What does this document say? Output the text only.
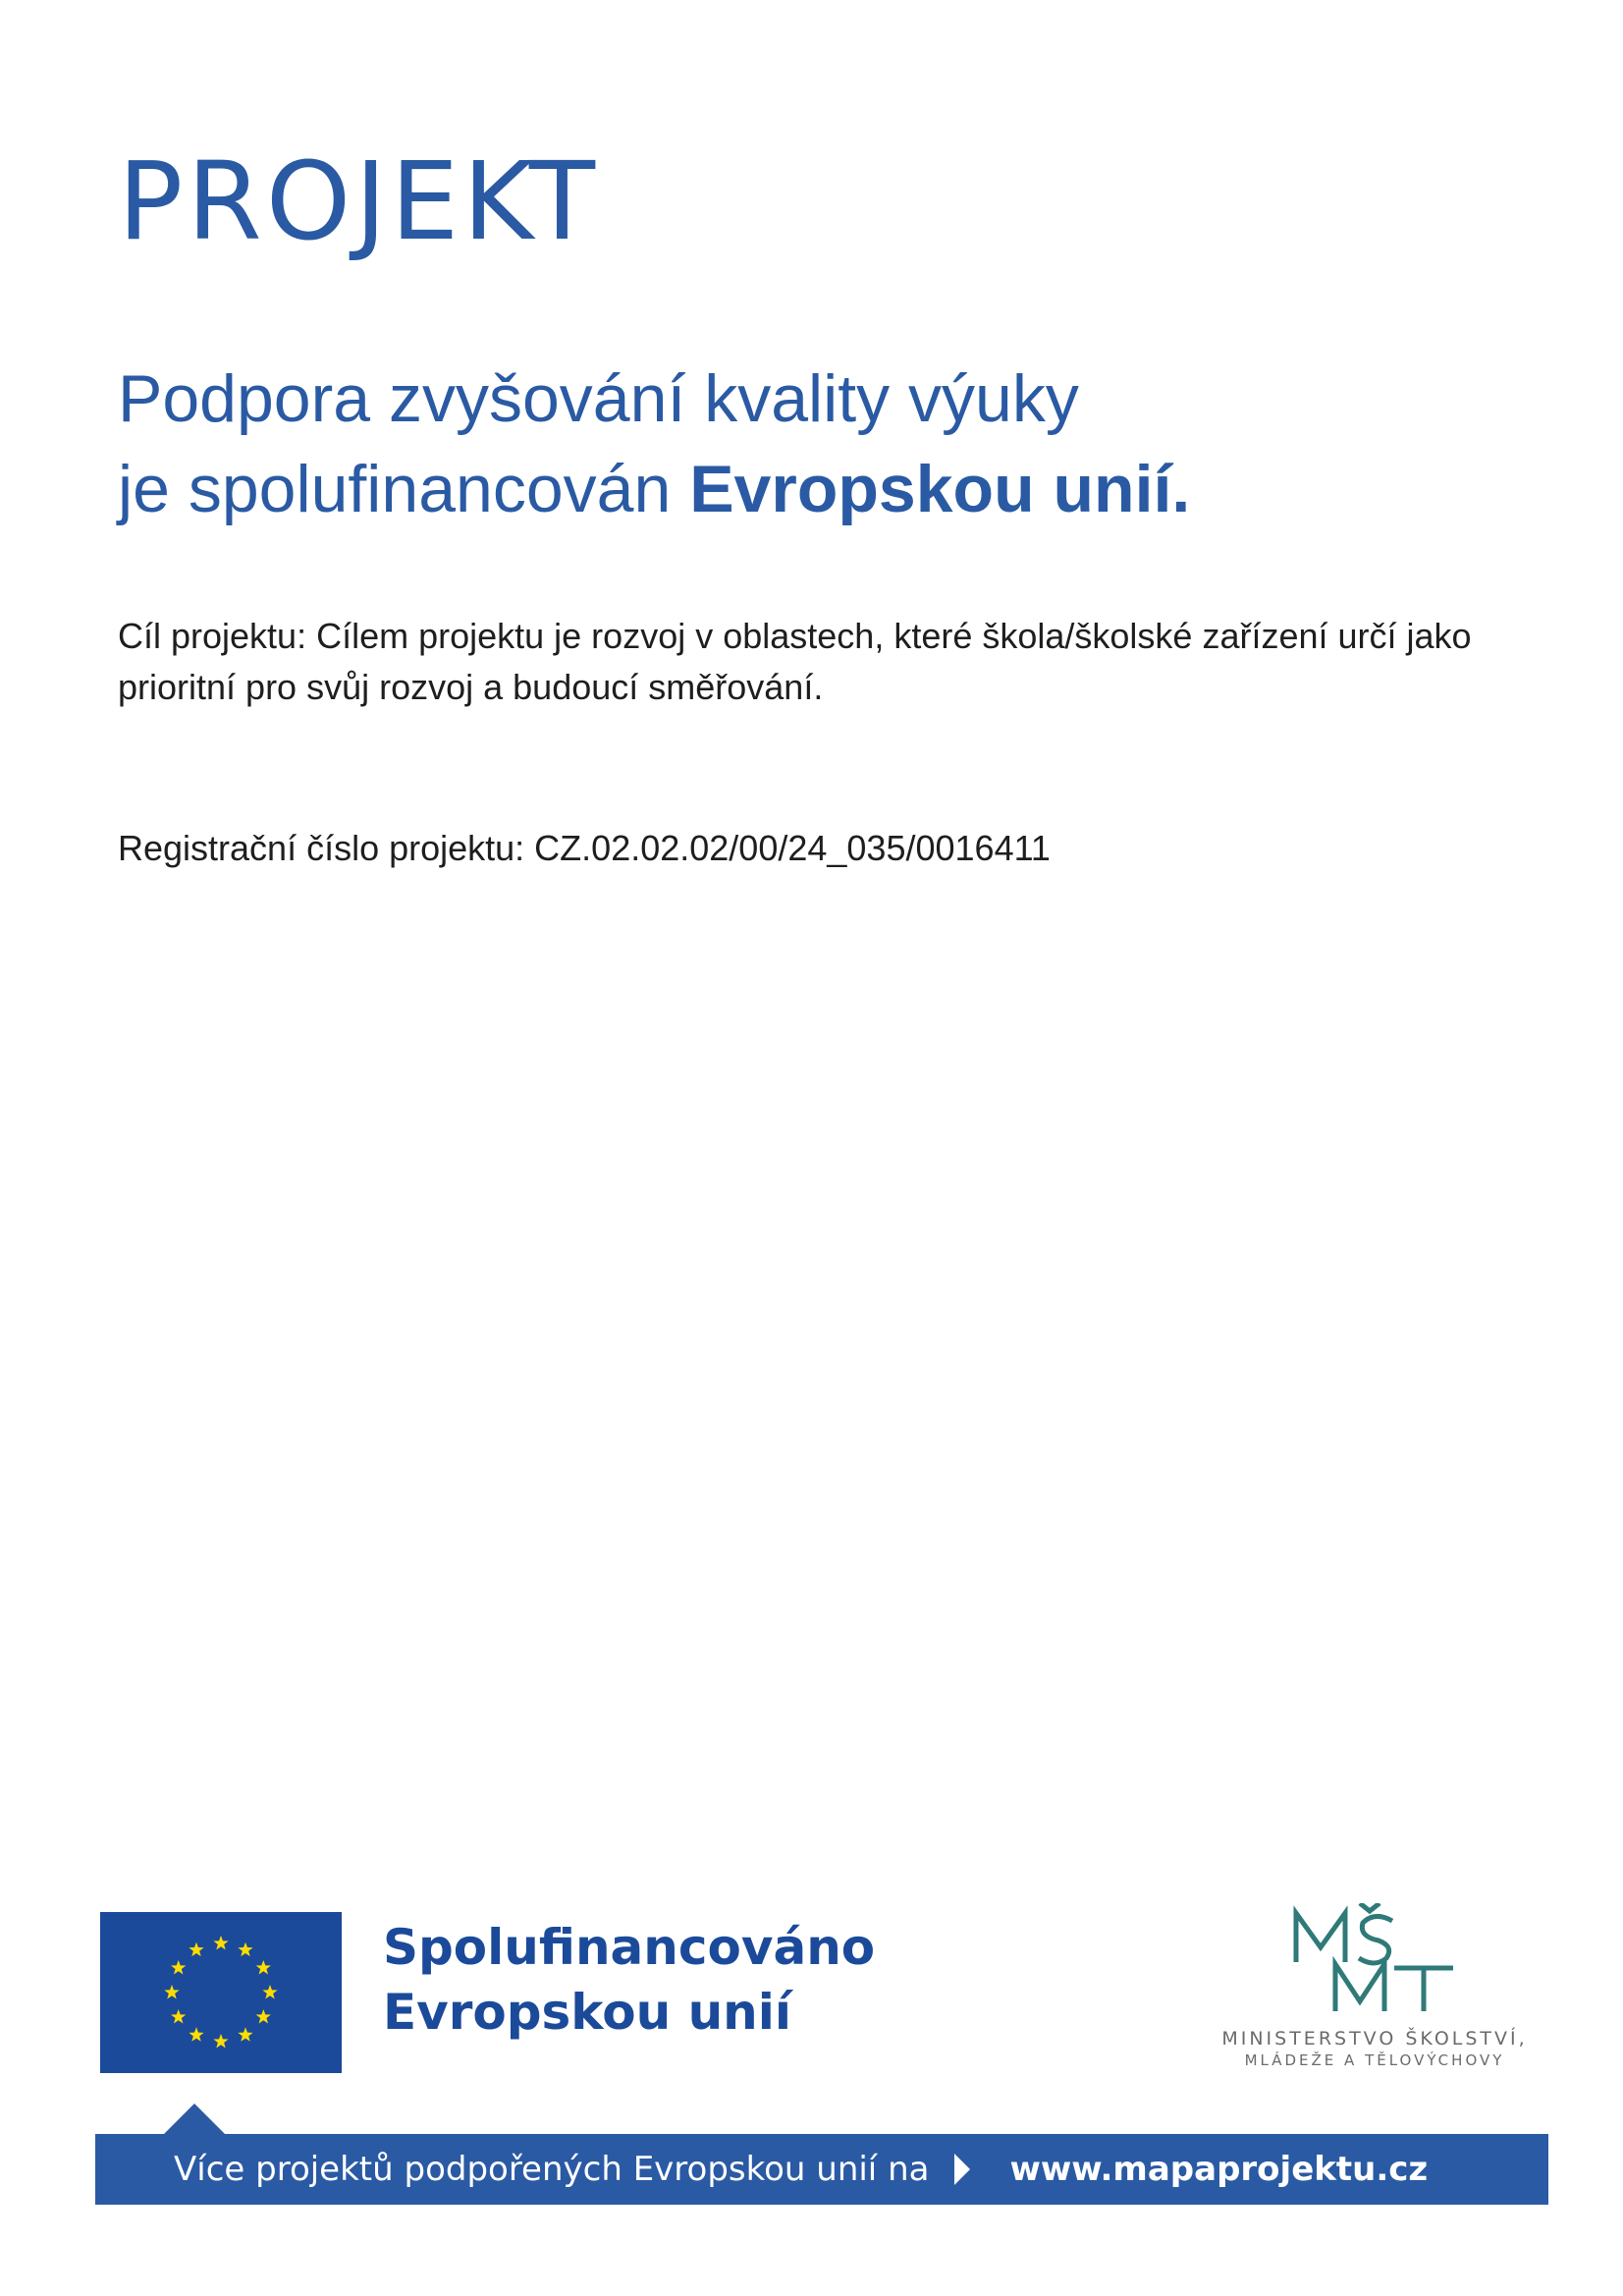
PROJEKT
Podpora zvyšování kvality výuky
je spolufinancován Evropskou unií.
Cíl projektu: Cílem projektu je rozvoj v oblastech, které škola/školské zařízení určí jako prioritní pro svůj rozvoj a budoucí směřování.
Registrační číslo projektu: CZ.02.02.02/00/24_035/0016411
Spolufinancováno
Evropskou unií	MINISTERSTVO ŠKOLSTVÍ,
MLÁDEŽE A TĚLOVÝCHOVY
Více projektů podpořených Evropskou unií na www.mapaprojektu.cz
